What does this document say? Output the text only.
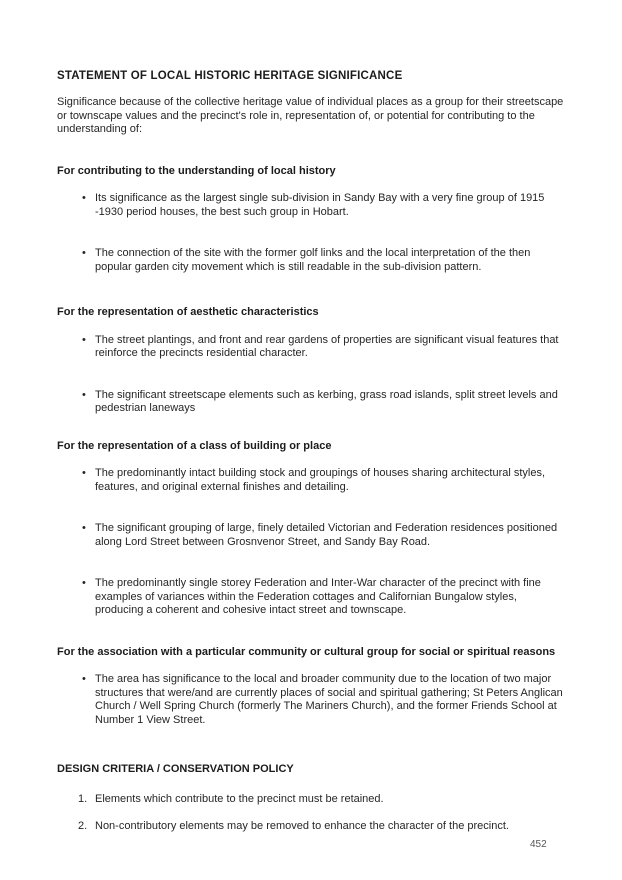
STATEMENT OF LOCAL HISTORIC HERITAGE SIGNIFICANCE

Significance because of the collective heritage value of individual places as a group for their streetscape or townscape values and the precinct's role in, representation of, or potential for contributing to the understanding of:

For contributing to the understanding of local history
•
Its significance as the largest single sub-division in Sandy Bay with a very fine group of 1915 -1930 period houses, the best such group in Hobart.
•
The connection of the site with the former golf links and the local interpretation of the then popular garden city movement which is still readable in the sub-division pattern.
For the representation of aesthetic characteristics
•
The street plantings, and front and rear gardens of properties are significant visual features that reinforce the precincts residential character.
•
The significant streetscape elements such as kerbing, grass road islands, split street levels and pedestrian laneways
For the representation of a class of building or place
•
The predominantly intact building stock and groupings of houses sharing architectural styles, features, and original external finishes and detailing.
•
The significant grouping of large, finely detailed Victorian and Federation residences positioned along Lord Street between Grosnvenor Street, and Sandy Bay Road.
•
The predominantly single storey Federation and Inter-War character of the precinct with fine examples of variances within the Federation cottages and Californian Bungalow styles, producing a coherent and cohesive intact street and townscape.
For the association with a particular community or cultural group for social or spiritual reasons
•
The area has significance to the local and broader community due to the location of two major structures that were/and are currently places of social and spiritual gathering; St Peters Anglican Church / Well Spring Church (formerly The Mariners Church), and the former Friends School at Number 1 View Street.
DESIGN CRITERIA / CONSERVATION POLICY
1. Elements which contribute to the precinct must be retained.
2. Non-contributory elements may be removed to enhance the character of the precinct.
452
